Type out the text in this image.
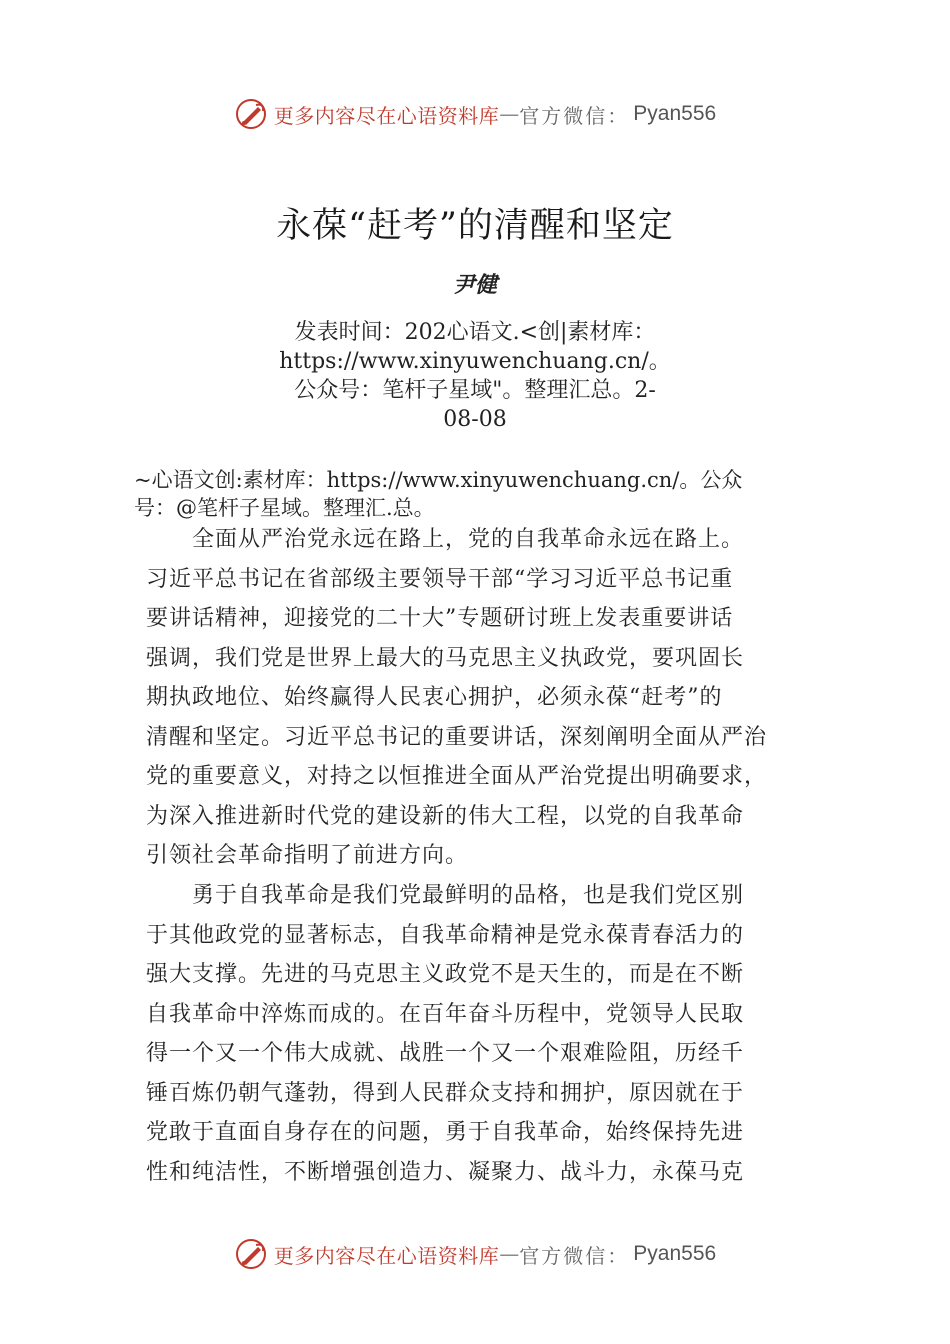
更多内容尽在心语资料库 — 官方微信： Pyan556
永葆“赶考”的清醒和坚定
尹健
发表时间：202心语文.<创|素材库：
https://www.xinyuwenchuang.cn/。
公众号：笔杆子星域"。整理汇总。2-
08-08
~心语文创:素材库：https://www.xinyuwenchuang.cn/。公众
号：@笔杆子星域。整理汇.总。
　　全面从严治党永远在路上，党的自我革命永远在路上。
习近平总书记在省部级主要领导干部“学习习近平总书记重
要讲话精神，迎接党的二十大”专题研讨班上发表重要讲话
强调，我们党是世界上最大的马克思主义执政党，要巩固长
期执政地位、始终赢得人民衷心拥护，必须永葆“赶考”的
清醒和坚定。习近平总书记的重要讲话，深刻阐明全面从严治
党的重要意义，对持之以恒推进全面从严治党提出明确要求，
为深入推进新时代党的建设新的伟大工程，以党的自我革命
引领社会革命指明了前进方向。
　　勇于自我革命是我们党最鲜明的品格，也是我们党区别
于其他政党的显著标志，自我革命精神是党永葆青春活力的
强大支撑。先进的马克思主义政党不是天生的，而是在不断
自我革命中淬炼而成的。在百年奋斗历程中，党领导人民取
得一个又一个伟大成就、战胜一个又一个艰难险阻，历经千
锤百炼仍朝气蓬勃，得到人民群众支持和拥护，原因就在于
党敢于直面自身存在的问题，勇于自我革命，始终保持先进
性和纯洁性，不断增强创造力、凝聚力、战斗力，永葆马克
更多内容尽在心语资料库 — 官方微信： Pyan556
